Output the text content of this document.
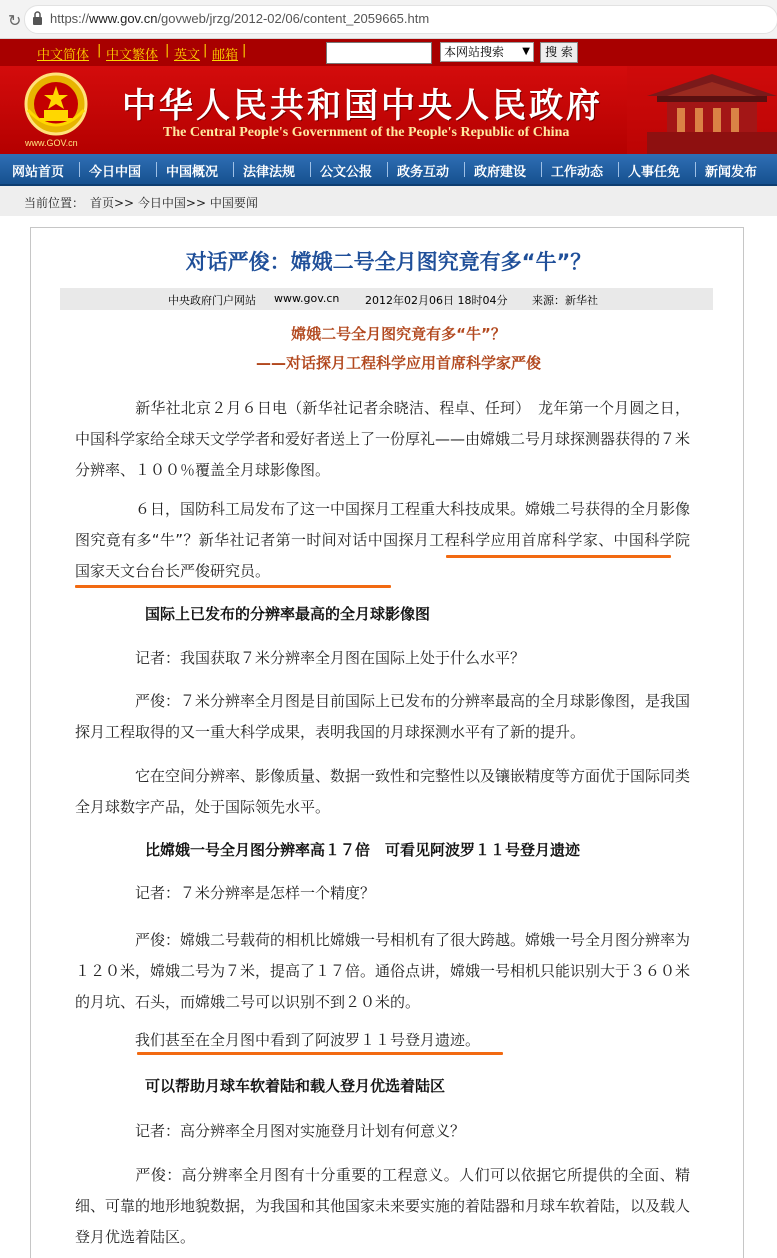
↻ https://www.gov.cn/govweb/jrzg/2012-02/06/content_2059665.htm
中文简体 | 中文繁体 | 英文 | 邮箱 |	本网站搜索 ▼	搜 索
www.GOV.cn
中华人民共和国中央人民政府
The Central People's Government of the People's Republic of China
网站首页 今日中国 中国概况 法律法规 公文公报 政务互动 政府建设 工作动态 人事任免 新闻发布
当前位置： 首页>> 今日中国>> 中国要闻
对话严俊：嫦娥二号全月图究竟有多“牛”？
中央政府门户网站 www.gov.cn 2012年02月06日 18时04分 来源：新华社
嫦娥二号全月图究竟有多“牛”？
——对话探月工程科学应用首席科学家严俊
新华社北京２月６日电（新华社记者余晓洁、程卓、任珂）　龙年第一个月圆之日，中国科学家给全球天文学学者和爱好者送上了一份厚礼——由嫦娥二号月球探测器获得的７米分辨率、１００％覆盖全月球影像图。
６日，国防科工局发布了这一中国探月工程重大科技成果。嫦娥二号获得的全月影像图究竟有多“牛”？新华社记者第一时间对话中国探月工程科学应用首席科学家、中国科学院国家天文台台长严俊研究员。
国际上已发布的分辨率最高的全月球影像图
记者：我国获取７米分辨率全月图在国际上处于什么水平？
严俊：７米分辨率全月图是目前国际上已发布的分辨率最高的全月球影像图，是我国探月工程取得的又一重大科学成果，表明我国的月球探测水平有了新的提升。
它在空间分辨率、影像质量、数据一致性和完整性以及镶嵌精度等方面优于国际同类全月球数字产品，处于国际领先水平。
比嫦娥一号全月图分辨率高１７倍　可看见阿波罗１１号登月遗迹
记者：７米分辨率是怎样一个精度？
严俊：嫦娥二号载荷的相机比嫦娥一号相机有了很大跨越。嫦娥一号全月图分辨率为１２０米，嫦娥二号为７米，提高了１７倍。通俗点讲，嫦娥一号相机只能识别大于３６０米的月坑、石头，而嫦娥二号可以识别不到２０米的。
我们甚至在全月图中看到了阿波罗１１号登月遗迹。
可以帮助月球车软着陆和载人登月优选着陆区
记者：高分辨率全月图对实施登月计划有何意义？
严俊：高分辨率全月图有十分重要的工程意义。人们可以依据它所提供的全面、精细、可靠的地形地貌数据，为我国和其他国家未来要实施的着陆器和月球车软着陆，以及载人登月优选着陆区。
